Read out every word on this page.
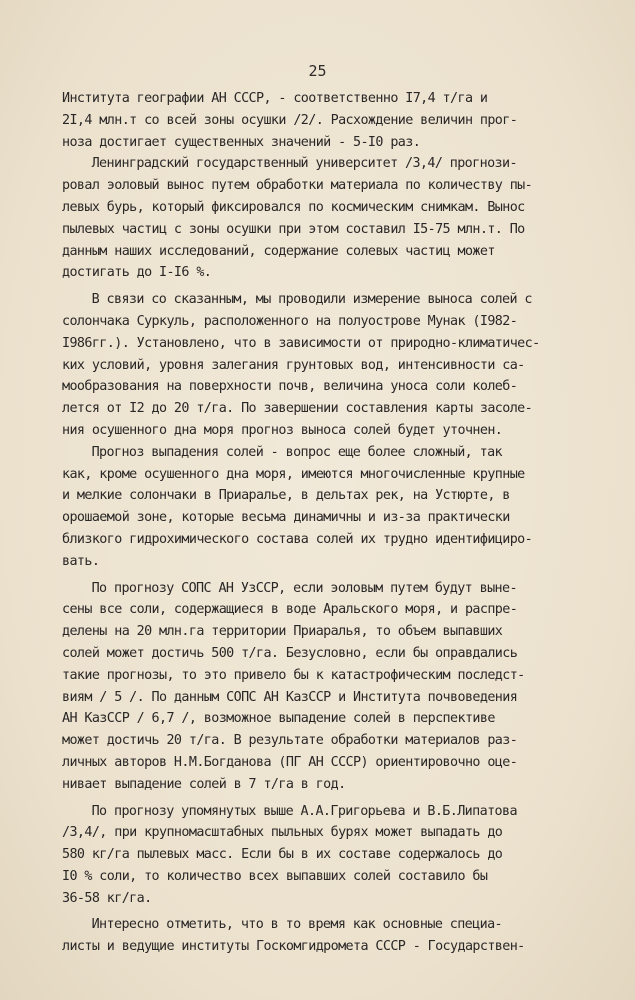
25
Института географии АН СССР, - соответственно I7,4 т/га и
2I,4 млн.т со всей зоны осушки /2/. Расхождение величин прог-
ноза достигает существенных значений - 5-I0 раз.
Ленинградский государственный университет /3,4/ прогнози-
ровал эоловый вынос путем обработки материала по количеству пы-
левых бурь, который фиксировался по космическим снимкам. Вынос
пылевых частиц с зоны осушки при этом составил I5-75 млн.т. По
данным наших исследований, содержание солевых частиц может
достигать до I-I6 %.
В связи со сказанным, мы проводили измерение выноса солей с
солончака Суркуль, расположенного на полуострове Мунак (I982-
I986гг.). Установлено, что в зависимости от природно-климатичес-
ких условий, уровня залегания грунтовых вод, интенсивности са-
мообразования на поверхности почв, величина уноса соли колеб-
лется от I2 до 20 т/га. По завершении составления карты засоле-
ния осушенного дна моря прогноз выноса солей будет уточнен.
Прогноз выпадения солей - вопрос еще более сложный, так
как, кроме осушенного дна моря, имеются многочисленные крупные
и мелкие солончаки в Приаралье, в дельтах рек, на Устюрте, в
орошаемой зоне, которые весьма динамичны и из-за практически
близкого гидрохимического состава солей их трудно идентифициро-
вать.
По прогнозу СОПС АН УзССР, если эоловым путем будут выне-
сены все соли, содержащиеся в воде Аральского моря, и распре-
делены на 20 млн.га территории Приаралья, то объем выпавших
солей может достичь 500 т/га. Безусловно, если бы оправдались
такие прогнозы, то это привело бы к катастрофическим последст-
виям / 5 /. По данным СОПС АН КазССР и Института почвоведения
АН КазССР / 6,7 /, возможное выпадение солей в перспективе
может достичь 20 т/га. В результате обработки материалов раз-
личных авторов Н.М.Богданова (ПГ АН СССР) ориентировочно оце-
нивает выпадение солей в 7 т/га в год.
По прогнозу упомянутых выше А.А.Григорьева и В.Б.Липатова
/3,4/, при крупномасштабных пыльных бурях может выпадать до
580 кг/га пылевых масс. Если бы в их составе содержалось до
I0 % соли, то количество всех выпавших солей составило бы
36-58 кг/га.
Интересно отметить, что в то время как основные специа-
листы и ведущие институты Госкомгидромета СССР - Государствен-
